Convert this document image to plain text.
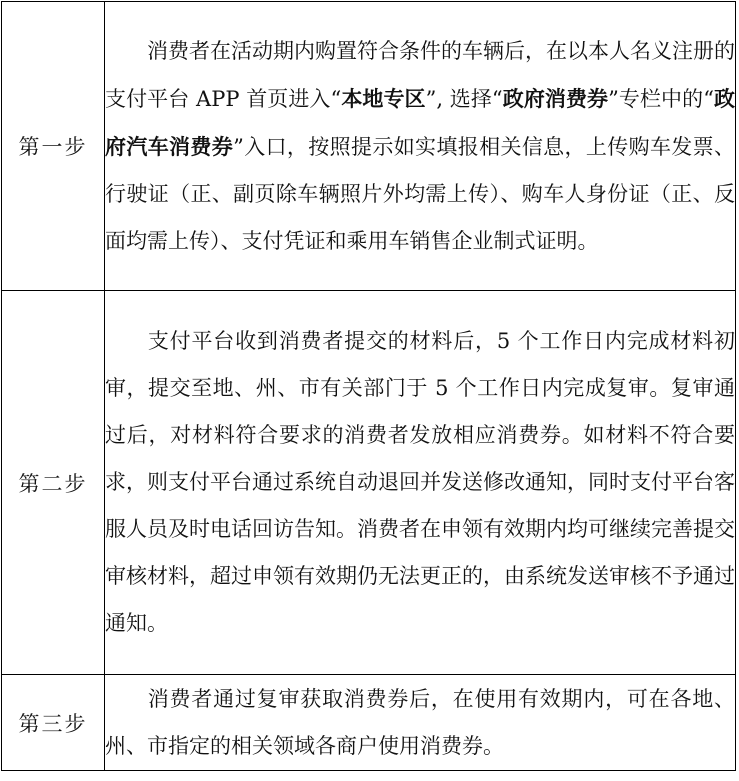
第一步	消费者在活动期内购置符合条件的车辆后，在以本人名义注册的支付平台 APP 首页进入“本地专区”, 选择“政府消费券”专栏中的“政府汽车消费券”入口，按照提示如实填报相关信息，上传购车发票、行驶证（正、副页除车辆照片外均需上传）、购车人身份证（正、反面均需上传）、支付凭证和乘用车销售企业制式证明。
第二步	支付平台收到消费者提交的材料后，5 个工作日内完成材料初审，提交至地、州、市有关部门于 5 个工作日内完成复审。复审通过后，对材料符合要求的消费者发放相应消费券。如材料不符合要求，则支付平台通过系统自动退回并发送修改通知，同时支付平台客服人员及时电话回访告知。消费者在申领有效期内均可继续完善提交审核材料，超过申领有效期仍无法更正的，由系统发送审核不予通过通知。
第三步	消费者通过复审获取消费券后，在使用有效期内，可在各地、州、市指定的相关领域各商户使用消费券。
